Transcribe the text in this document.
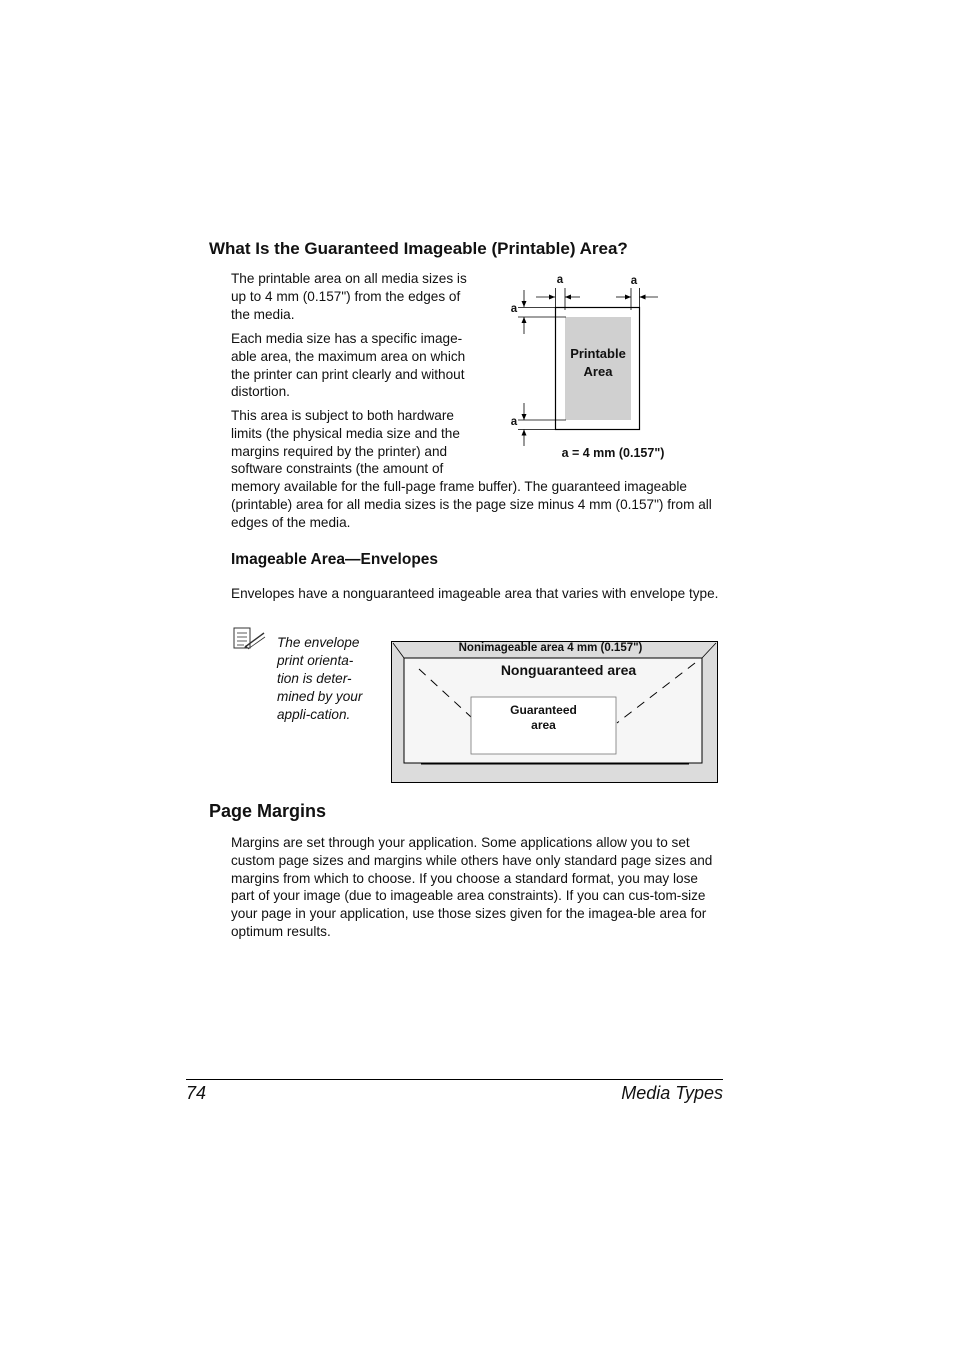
What Is the Guaranteed Imageable (Printable) Area?

The printable area on all media sizes is up to 4 mm (0.157") from the edges of the media.

Each media size has a specific image-able area, the maximum area on which the printer can print clearly and without distortion.

This area is subject to both hardware
limits (the physical media size and the
margins required by the printer) and
software constraints (the amount of

memory available for the full-page frame buffer). The guaranteed imageable (printable) area for all media sizes is the page size minus 4 mm (0.157") from all edges of the media.

a	a
a
a
Printable
Area
a = 4 mm (0.157")
Imageable Area—Envelopes

Envelopes have a nonguaranteed imageable area that varies with envelope type.

The envelope print orienta-tion is deter-mined by your appli-cation.

Nonimageable area 4 mm (0.157")
Nonguaranteed area
Guaranteed
area
Page Margins

Margins are set through your application. Some applications allow you to set custom page sizes and margins while others have only standard page sizes and margins from which to choose. If you choose a standard format, you may lose part of your image (due to imageable area constraints). If you can cus-tom-size your page in your application, use those sizes given for the imagea-ble area for optimum results.

74	Media Types
